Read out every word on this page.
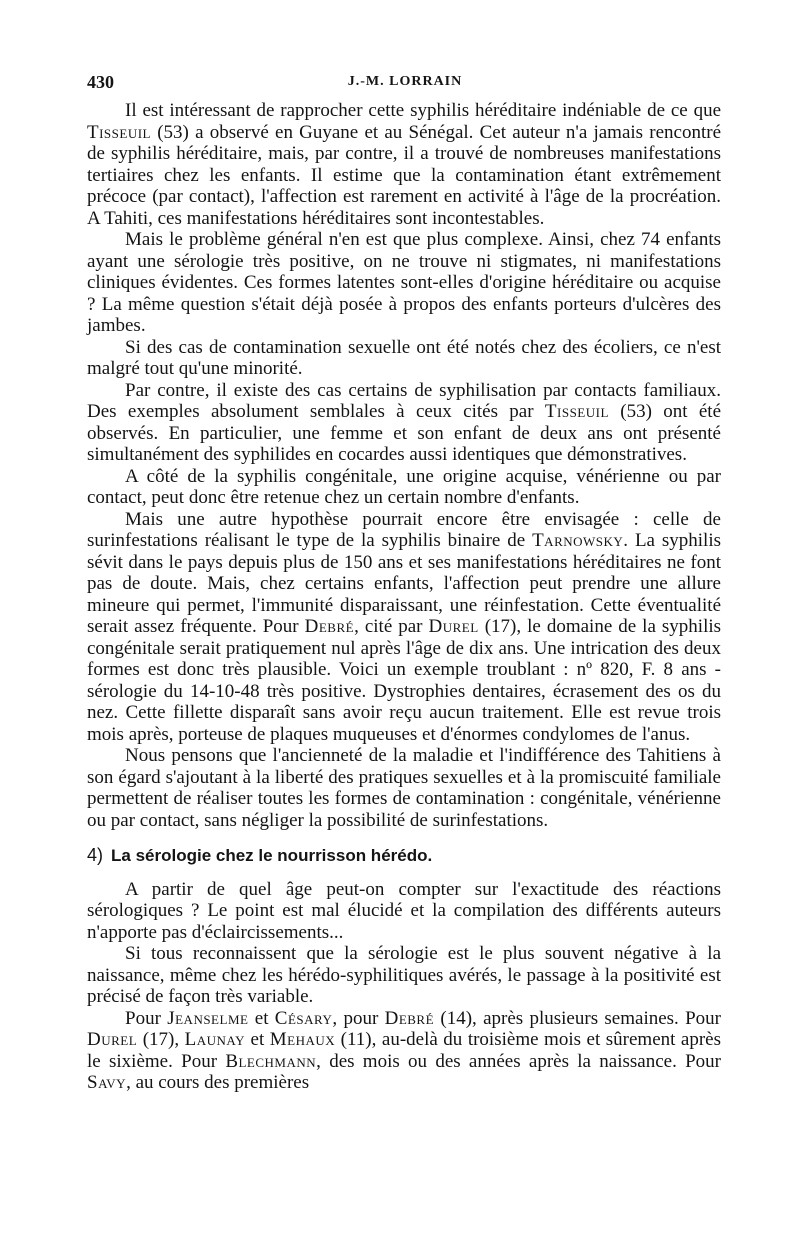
430	J.-M. LORRAIN

Il est intéressant de rapprocher cette syphilis héréditaire indéniable de ce que Tisseuil (53) a observé en Guyane et au Sénégal. Cet auteur n'a jamais rencontré de syphilis héréditaire, mais, par contre, il a trouvé de nombreuses manifestations tertiaires chez les enfants. Il estime que la contamination étant extrêmement précoce (par contact), l'affection est rarement en activité à l'âge de la procréation. A Tahiti, ces manifestations héréditaires sont incontestables.

Mais le problème général n'en est que plus complexe. Ainsi, chez 74 enfants ayant une sérologie très positive, on ne trouve ni stigmates, ni manifestations cliniques évidentes. Ces formes latentes sont-elles d'origine héréditaire ou acquise ? La même question s'était déjà posée à propos des enfants porteurs d'ulcères des jambes.

Si des cas de contamination sexuelle ont été notés chez des écoliers, ce n'est malgré tout qu'une minorité.

Par contre, il existe des cas certains de syphilisation par contacts familiaux. Des exemples absolument semblales à ceux cités par Tisseuil (53) ont été observés. En particulier, une femme et son enfant de deux ans ont présenté simultanément des syphilides en cocardes aussi identiques que démonstratives.

A côté de la syphilis congénitale, une origine acquise, vénérienne ou par contact, peut donc être retenue chez un certain nombre d'enfants.

Mais une autre hypothèse pourrait encore être envisagée : celle de surinfestations réalisant le type de la syphilis binaire de Tarnowsky. La syphilis sévit dans le pays depuis plus de 150 ans et ses manifestations héréditaires ne font pas de doute. Mais, chez certains enfants, l'affection peut prendre une allure mineure qui permet, l'immunité disparaissant, une réinfestation. Cette éventualité serait assez fréquente. Pour Debré, cité par Durel (17), le domaine de la syphilis congénitale serait pratiquement nul après l'âge de dix ans. Une intrication des deux formes est donc très plausible. Voici un exemple troublant : nº 820, F. 8 ans - sérologie du 14-10-48 très positive. Dystrophies dentaires, écrasement des os du nez. Cette fillette disparaît sans avoir reçu aucun traitement. Elle est revue trois mois après, porteuse de plaques muqueuses et d'énormes condylomes de l'anus.

Nous pensons que l'ancienneté de la maladie et l'indifférence des Tahitiens à son égard s'ajoutant à la liberté des pratiques sexuelles et à la promiscuité familiale permettent de réaliser toutes les formes de contamination : congénitale, vénérienne ou par contact, sans négliger la possibilité de surinfestations.

4) La sérologie chez le nourrisson hérédo.

A partir de quel âge peut-on compter sur l'exactitude des réactions sérologiques ? Le point est mal élucidé et la compilation des différents auteurs n'apporte pas d'éclaircissements...

Si tous reconnaissent que la sérologie est le plus souvent négative à la naissance, même chez les hérédo-syphilitiques avérés, le passage à la positivité est précisé de façon très variable.

Pour Jeanselme et Césary, pour Debré (14), après plusieurs semaines. Pour Durel (17), Launay et Mehaux (11), au-delà du troisième mois et sûrement après le sixième. Pour Blechmann, des mois ou des années après la naissance. Pour Savy, au cours des premières
